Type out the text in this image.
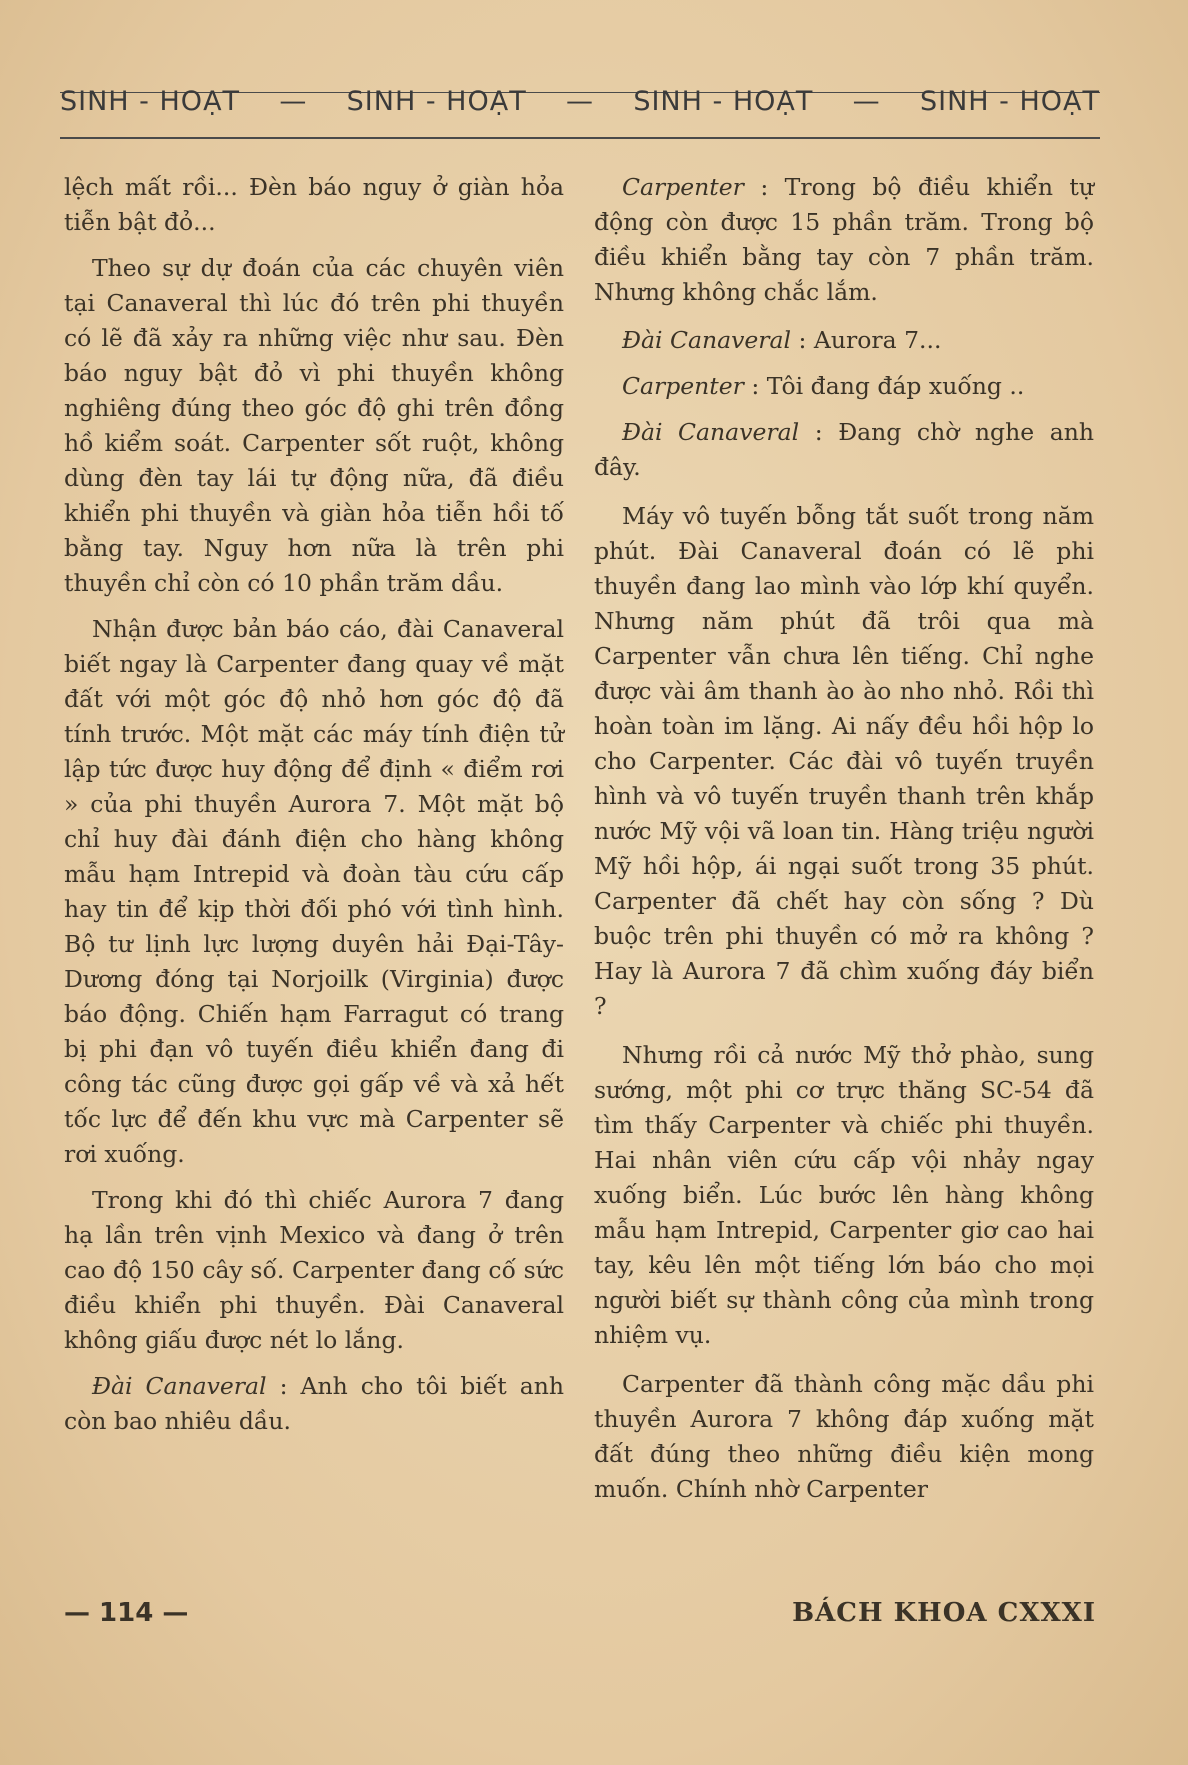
SINH - HOẠT — SINH - HOẠT — SINH - HOẠT — SINH - HOẠT

lệch mất rồi... Đèn báo nguy ở giàn hỏa tiễn bật đỏ...

Theo sự dự đoán của các chuyên viên tại Canaveral thì lúc đó trên phi thuyền có lẽ đã xảy ra những việc như sau. Đèn báo nguy bật đỏ vì phi thuyền không nghiêng đúng theo góc độ ghi trên đồng hồ kiểm soát. Carpenter sốt ruột, không dùng đèn tay lái tự động nữa, đã điều khiển phi thuyền và giàn hỏa tiễn hồi tố bằng tay. Nguy hơn nữa là trên phi thuyền chỉ còn có 10 phần trăm dầu.

Nhận được bản báo cáo, đài Canaveral biết ngay là Carpenter đang quay về mặt đất với một góc độ nhỏ hơn góc độ đã tính trước. Một mặt các máy tính điện tử lập tức được huy động để định « điểm rơi » của phi thuyền Aurora 7. Một mặt bộ chỉ huy đài đánh điện cho hàng không mẫu hạm Intrepid và đoàn tàu cứu cấp hay tin để kịp thời đối phó với tình hình. Bộ tư lịnh lực lượng duyên hải Đại-Tây-Dương đóng tại Norjoilk (Virginia) được báo động. Chiến hạm Farragut có trang bị phi đạn vô tuyến điều khiển đang đi công tác cũng được gọi gấp về và xả hết tốc lực để đến khu vực mà Carpenter sẽ rơi xuống.

Trong khi đó thì chiếc Aurora 7 đang hạ lần trên vịnh Mexico và đang ở trên cao độ 150 cây số. Carpenter đang cố sức điều khiển phi thuyền. Đài Canaveral không giấu được nét lo lắng.

Đài Canaveral : Anh cho tôi biết anh còn bao nhiêu dầu.

Carpenter : Trong bộ điều khiển tự động còn được 15 phần trăm. Trong bộ điều khiển bằng tay còn 7 phần trăm. Nhưng không chắc lắm.

Đài Canaveral : Aurora 7...

Carpenter : Tôi đang đáp xuống ..

Đài Canaveral : Đang chờ nghe anh đây.

Máy vô tuyến bỗng tắt suốt trong năm phút. Đài Canaveral đoán có lẽ phi thuyền đang lao mình vào lớp khí quyển. Nhưng năm phút đã trôi qua mà Carpenter vẫn chưa lên tiếng. Chỉ nghe được vài âm thanh ào ào nho nhỏ. Rồi thì hoàn toàn im lặng. Ai nấy đều hồi hộp lo cho Carpenter. Các đài vô tuyến truyền hình và vô tuyến truyền thanh trên khắp nước Mỹ vội vã loan tin. Hàng triệu người Mỹ hồi hộp, ái ngại suốt trong 35 phút. Carpenter đã chết hay còn sống ? Dù buộc trên phi thuyền có mở ra không ? Hay là Aurora 7 đã chìm xuống đáy biển ?

Nhưng rồi cả nước Mỹ thở phào, sung sướng, một phi cơ trực thăng SC-54 đã tìm thấy Carpenter và chiếc phi thuyền. Hai nhân viên cứu cấp vội nhảy ngay xuống biển. Lúc bước lên hàng không mẫu hạm Intrepid, Carpenter giơ cao hai tay, kêu lên một tiếng lớn báo cho mọi người biết sự thành công của mình trong nhiệm vụ.

Carpenter đã thành công mặc dầu phi thuyền Aurora 7 không đáp xuống mặt đất đúng theo những điều kiện mong muốn. Chính nhờ Carpenter

— 114 —	BÁCH KHOA CXXXI
